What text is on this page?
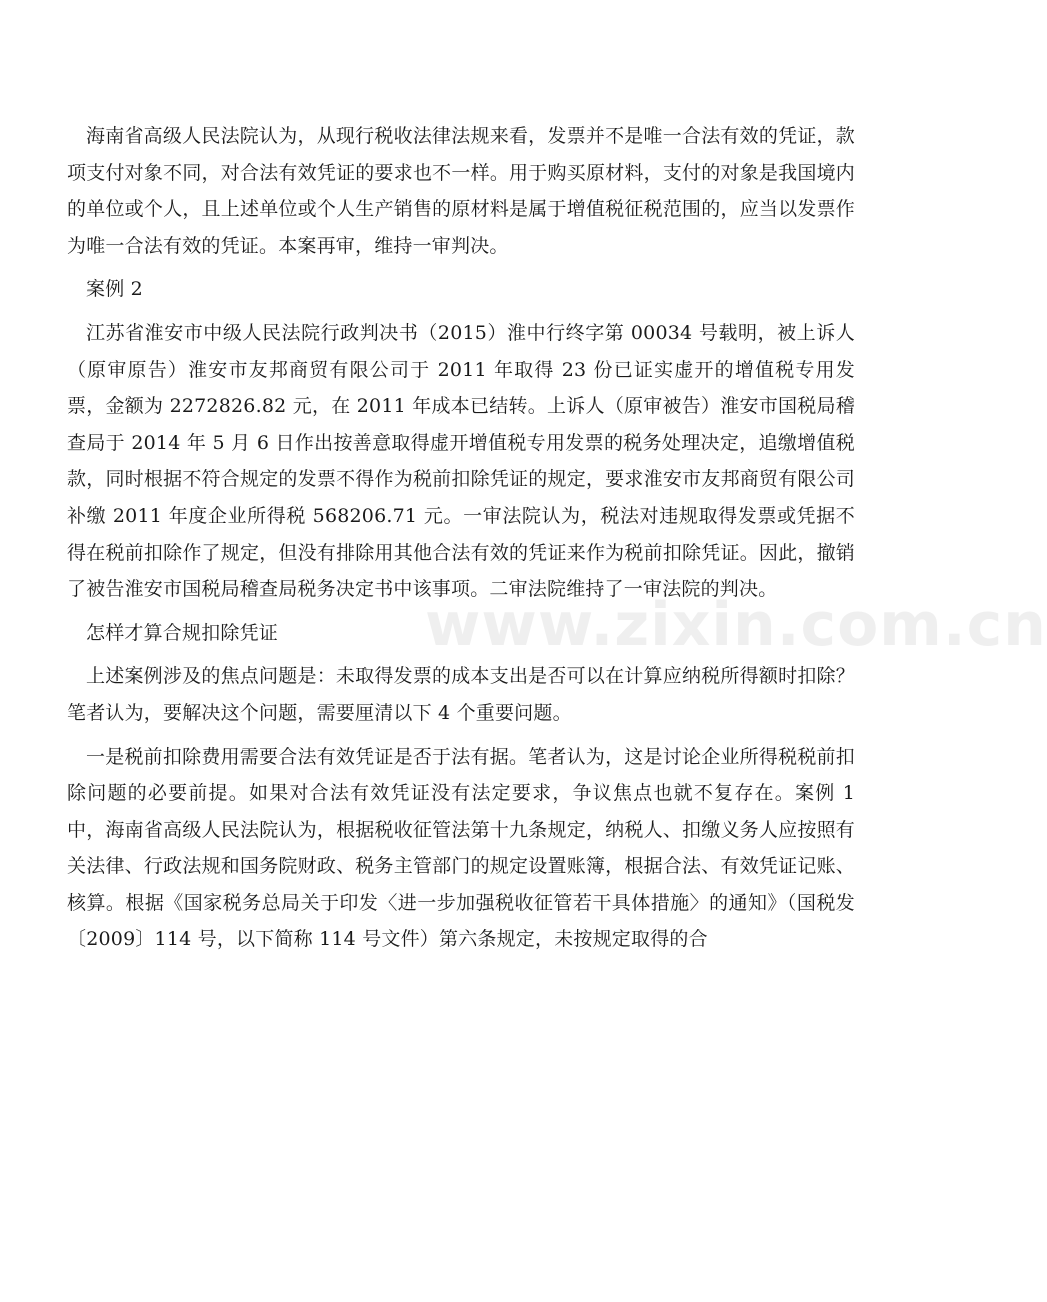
海南省高级人民法院认为，从现行税收法律法规来看，发票并不是唯一合法有效的凭证，款项支付对象不同，对合法有效凭证的要求也不一样。用于购买原材料，支付的对象是我国境内的单位或个人，且上述单位或个人生产销售的原材料是属于增值税征税范围的，应当以发票作为唯一合法有效的凭证。本案再审，维持一审判决。

案例 2

江苏省淮安市中级人民法院行政判决书（2015）淮中行终字第 00034 号载明，被上诉人（原审原告）淮安市友邦商贸有限公司于 2011 年取得 23 份已证实虚开的增值税专用发票，金额为 2272826.82 元，在 2011 年成本已结转。上诉人（原审被告）淮安市国税局稽查局于 2014 年 5 月 6 日作出按善意取得虚开增值税专用发票的税务处理决定，追缴增值税款，同时根据不符合规定的发票不得作为税前扣除凭证的规定，要求淮安市友邦商贸有限公司补缴 2011 年度企业所得税 568206.71 元。一审法院认为，税法对违规取得发票或凭据不得在税前扣除作了规定，但没有排除用其他合法有效的凭证来作为税前扣除凭证。因此，撤销了被告淮安市国税局稽查局税务决定书中该事项。二审法院维持了一审法院的判决。

怎样才算合规扣除凭证

上述案例涉及的焦点问题是：未取得发票的成本支出是否可以在计算应纳税所得额时扣除？笔者认为，要解决这个问题，需要厘清以下 4 个重要问题。

一是税前扣除费用需要合法有效凭证是否于法有据。笔者认为，这是讨论企业所得税税前扣除问题的必要前提。如果对合法有效凭证没有法定要求，争议焦点也就不复存在。案例 1 中，海南省高级人民法院认为，根据税收征管法第十九条规定，纳税人、扣缴义务人应按照有关法律、行政法规和国务院财政、税务主管部门的规定设置账簿，根据合法、有效凭证记账、核算。根据《国家税务总局关于印发〈进一步加强税收征管若干具体措施〉的通知》（国税发〔2009〕114 号，以下简称 114 号文件）第六条规定，未按规定取得的合

www.zixin.com.cn
